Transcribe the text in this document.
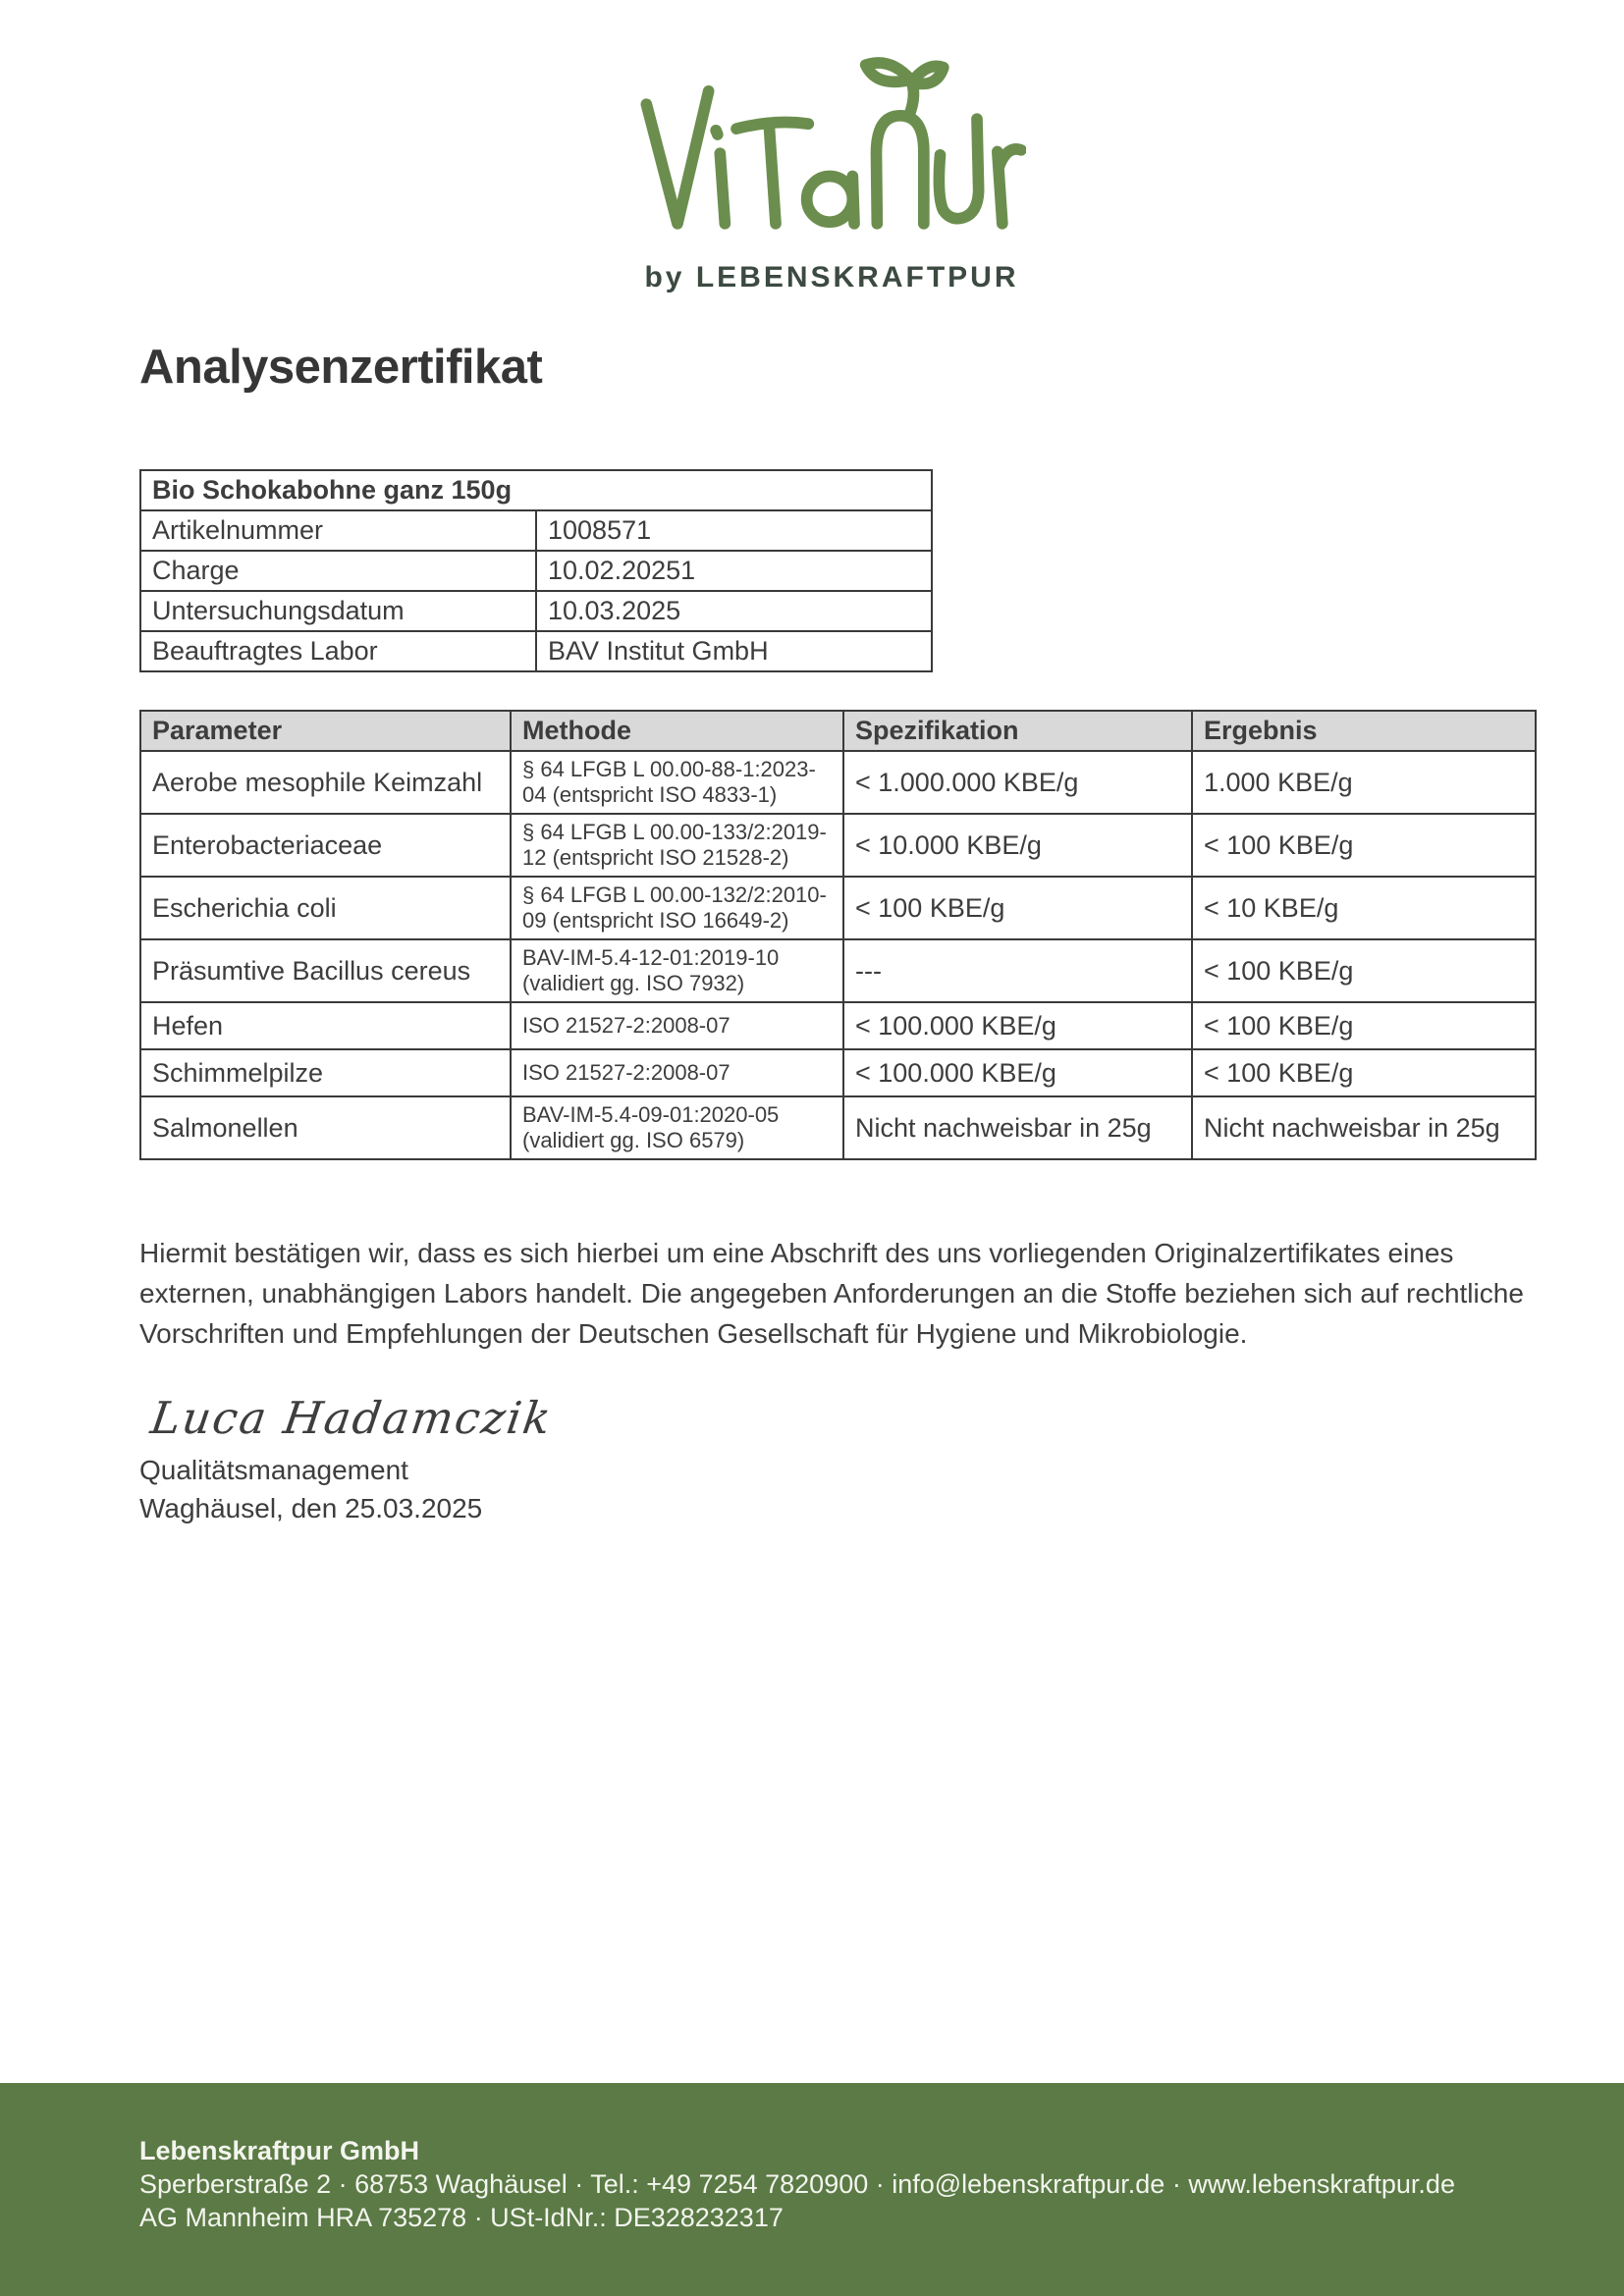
by LEBENSKRAFTPUR
Analysenzertifikat
Bio Schokabohne ganz 150g	
Artikelnummer	1008571
Charge	10.02.20251
Untersuchungsdatum	10.03.2025
Beauftragtes Labor	BAV Institut GmbH
Parameter	Methode	Spezifikation	Ergebnis
Aerobe mesophile Keimzahl	§ 64 LFGB L 00.00-88-1:2023-04 (entspricht ISO 4833-1)	< 1.000.000 KBE/g	1.000 KBE/g
Enterobacteriaceae	§ 64 LFGB L 00.00-133/2:2019-12 (entspricht ISO 21528-2)	< 10.000 KBE/g	< 100 KBE/g
Escherichia coli	§ 64 LFGB L 00.00-132/2:2010-09 (entspricht ISO 16649-2)	< 100 KBE/g	< 10 KBE/g
Präsumtive Bacillus cereus	BAV-IM-5.4-12-01:2019-10 (validiert gg. ISO 7932)	---	< 100 KBE/g
Hefen	ISO 21527-2:2008-07	< 100.000 KBE/g	< 100 KBE/g
Schimmelpilze	ISO 21527-2:2008-07	< 100.000 KBE/g	< 100 KBE/g
Salmonellen	BAV-IM-5.4-09-01:2020-05 (validiert gg. ISO 6579)	Nicht nachweisbar in 25g	Nicht nachweisbar in 25g

Hiermit bestätigen wir, dass es sich hierbei um eine Abschrift des uns vorliegenden Originalzertifikates eines externen, unabhängigen Labors handelt. Die angegeben Anforderungen an die Stoffe beziehen sich auf rechtliche Vorschriften und Empfehlungen der Deutschen Gesellschaft für Hygiene und Mikrobiologie.

Luca Hadamczik
Qualitätsmanagement
Waghäusel, den 25.03.2025
Lebenskraftpur GmbH
Sperberstraße 2 · 68753 Waghäusel · Tel.: +49 7254 7820900 · info@lebenskraftpur.de · www.lebenskraftpur.de
AG Mannheim HRA 735278 · USt-IdNr.: DE328232317
